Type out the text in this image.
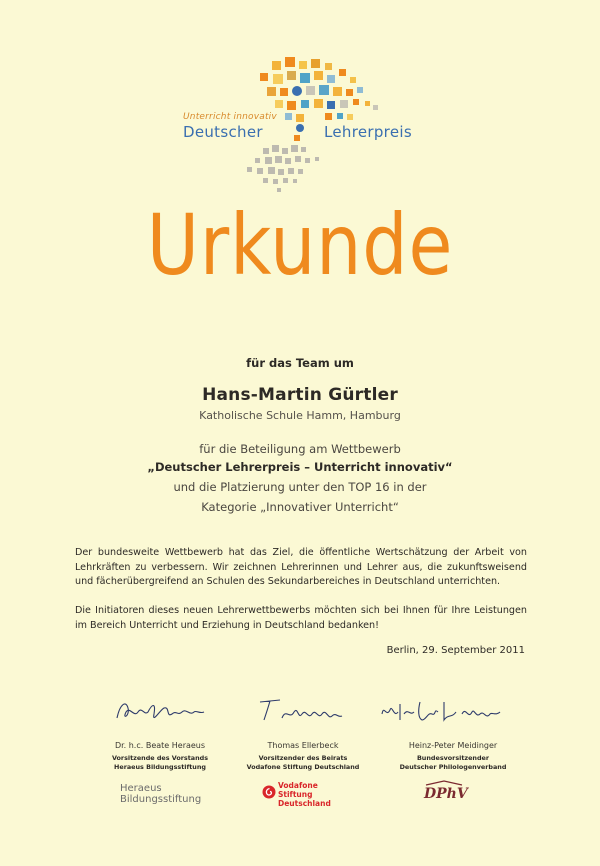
Unterricht innovativ
Deutscher	Lehrerpreis
Urkunde
für das Team um
Hans-Martin Gürtler
Katholische Schule Hamm, Hamburg
für die Beteiligung am Wettbewerb
„Deutscher Lehrerpreis – Unterricht innovativ“
und die Platzierung unter den TOP 16 in der
Kategorie „Innovativer Unterricht“
Der bundesweite Wettbewerb hat das Ziel, die öffentliche Wertschätzung der Arbeit von Lehrkräften zu verbessern. Wir zeichnen Lehrerinnen und Lehrer aus, die zukunftsweisend und fächerübergreifend an Schulen des Sekundarbereiches in Deutschland unterrichten.
Die Initiatoren dieses neuen Lehrerwettbewerbs möchten sich bei Ihnen für Ihre Leistungen im Bereich Unterricht und Erziehung in Deutschland bedanken!
Berlin, 29. September 2011
Dr. h.c. Beate Heraeus
Vorsitzende des Vorstands
Heraeus Bildungsstiftung
Thomas Ellerbeck
Vorsitzender des Beirats
Vodafone Stiftung Deutschland
Heinz-Peter Meidinger
Bundesvorsitzender
Deutscher Philologenverband
Heraeus
Bildungsstiftung
Vodafone
Stiftung
Deutschland
DPhV
